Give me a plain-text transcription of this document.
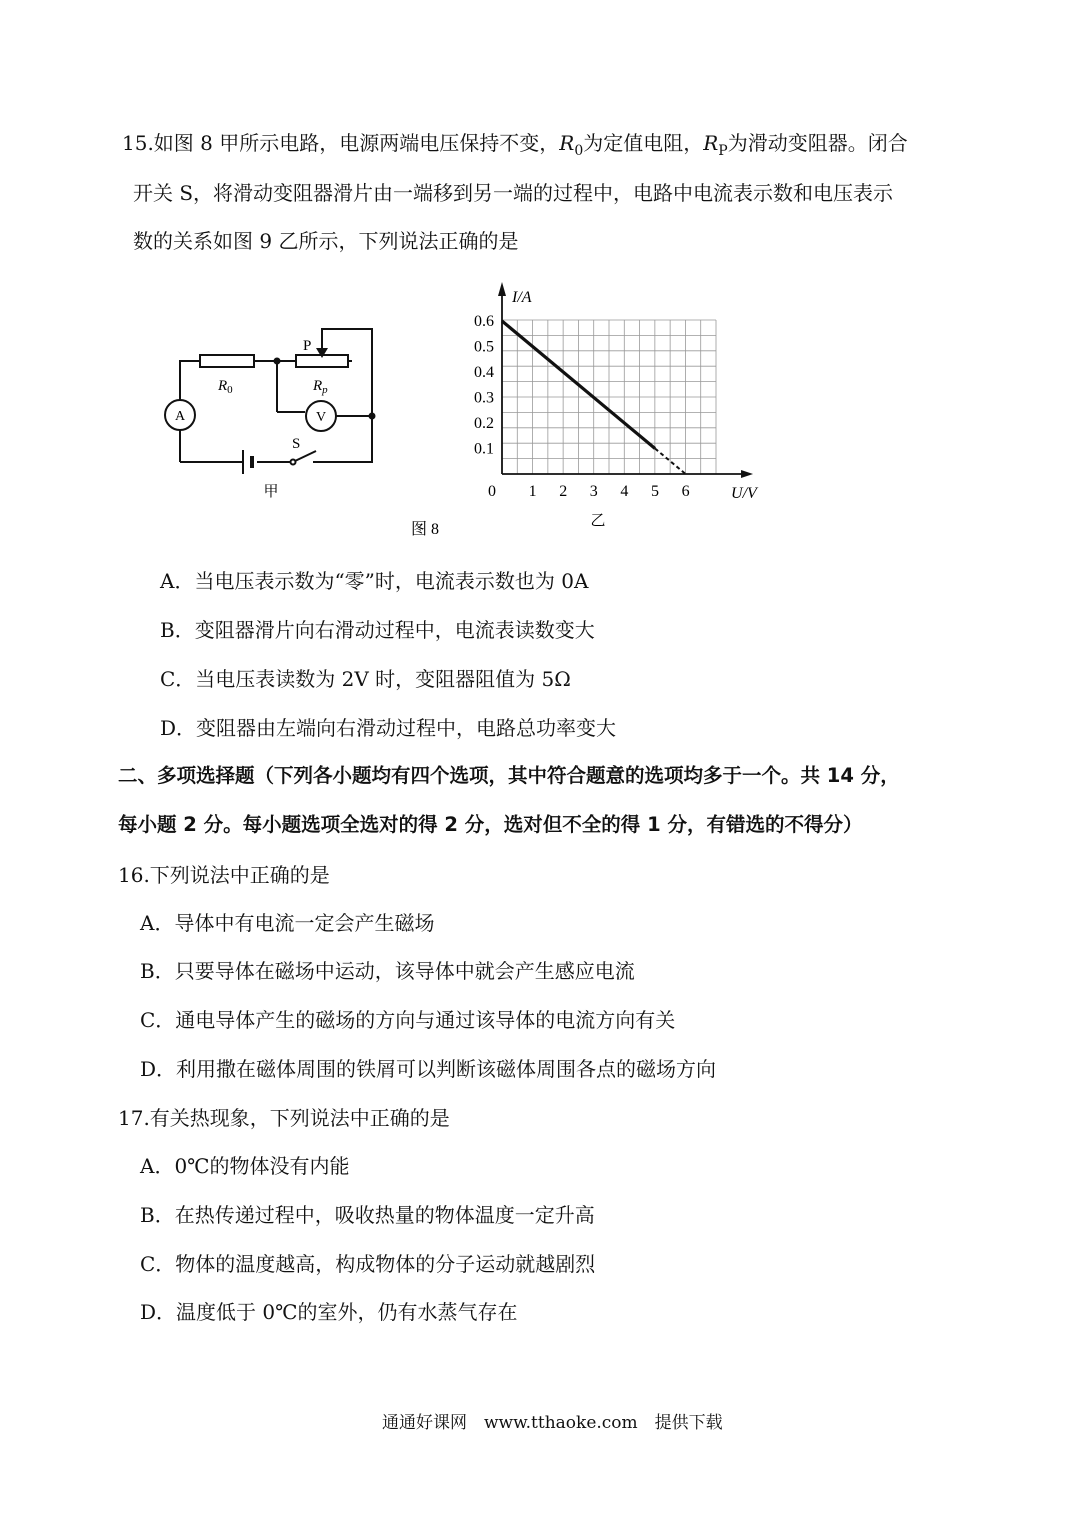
15.如图 8 甲所示电路，电源两端电压保持不变，$R_0$为定值电阻，$R_P$为滑动变阻器。闭合
开关 S，将滑动变阻器滑片由一端移到另一端的过程中，电路中电流表示数和电压表示
数的关系如图 9 乙所示，下列说法正确的是
P
$R_0$	$R_p$
A	V
S
甲	0 1 2 3 4 5 6
0.1
0.2
0.3
0.4
0.5
0.6
U/V
I/A
乙
图 8
A．当电压表示数为“零”时，电流表示数也为 0A
B．变阻器滑片向右滑动过程中，电流表读数变大
C．当电压表读数为 2V 时，变阻器阻值为 5Ω
D．变阻器由左端向右滑动过程中，电路总功率变大
二、多项选择题（下列各小题均有四个选项，其中符合题意的选项均多于一个。共 14 分，
每小题 2 分。每小题选项全选对的得 2 分，选对但不全的得 1 分，有错选的不得分）
16.下列说法中正确的是
A．导体中有电流一定会产生磁场
B．只要导体在磁场中运动，该导体中就会产生感应电流
C．通电导体产生的磁场的方向与通过该导体的电流方向有关
D．利用撒在磁体周围的铁屑可以判断该磁体周围各点的磁场方向
17.有关热现象，下列说法中正确的是
A．0℃的物体没有内能
B．在热传递过程中，吸收热量的物体温度一定升高
C．物体的温度越高，构成物体的分子运动就越剧烈
D．温度低于 0℃的室外，仍有水蒸气存在
通通好课网　www.tthaoke.com　提供下载
